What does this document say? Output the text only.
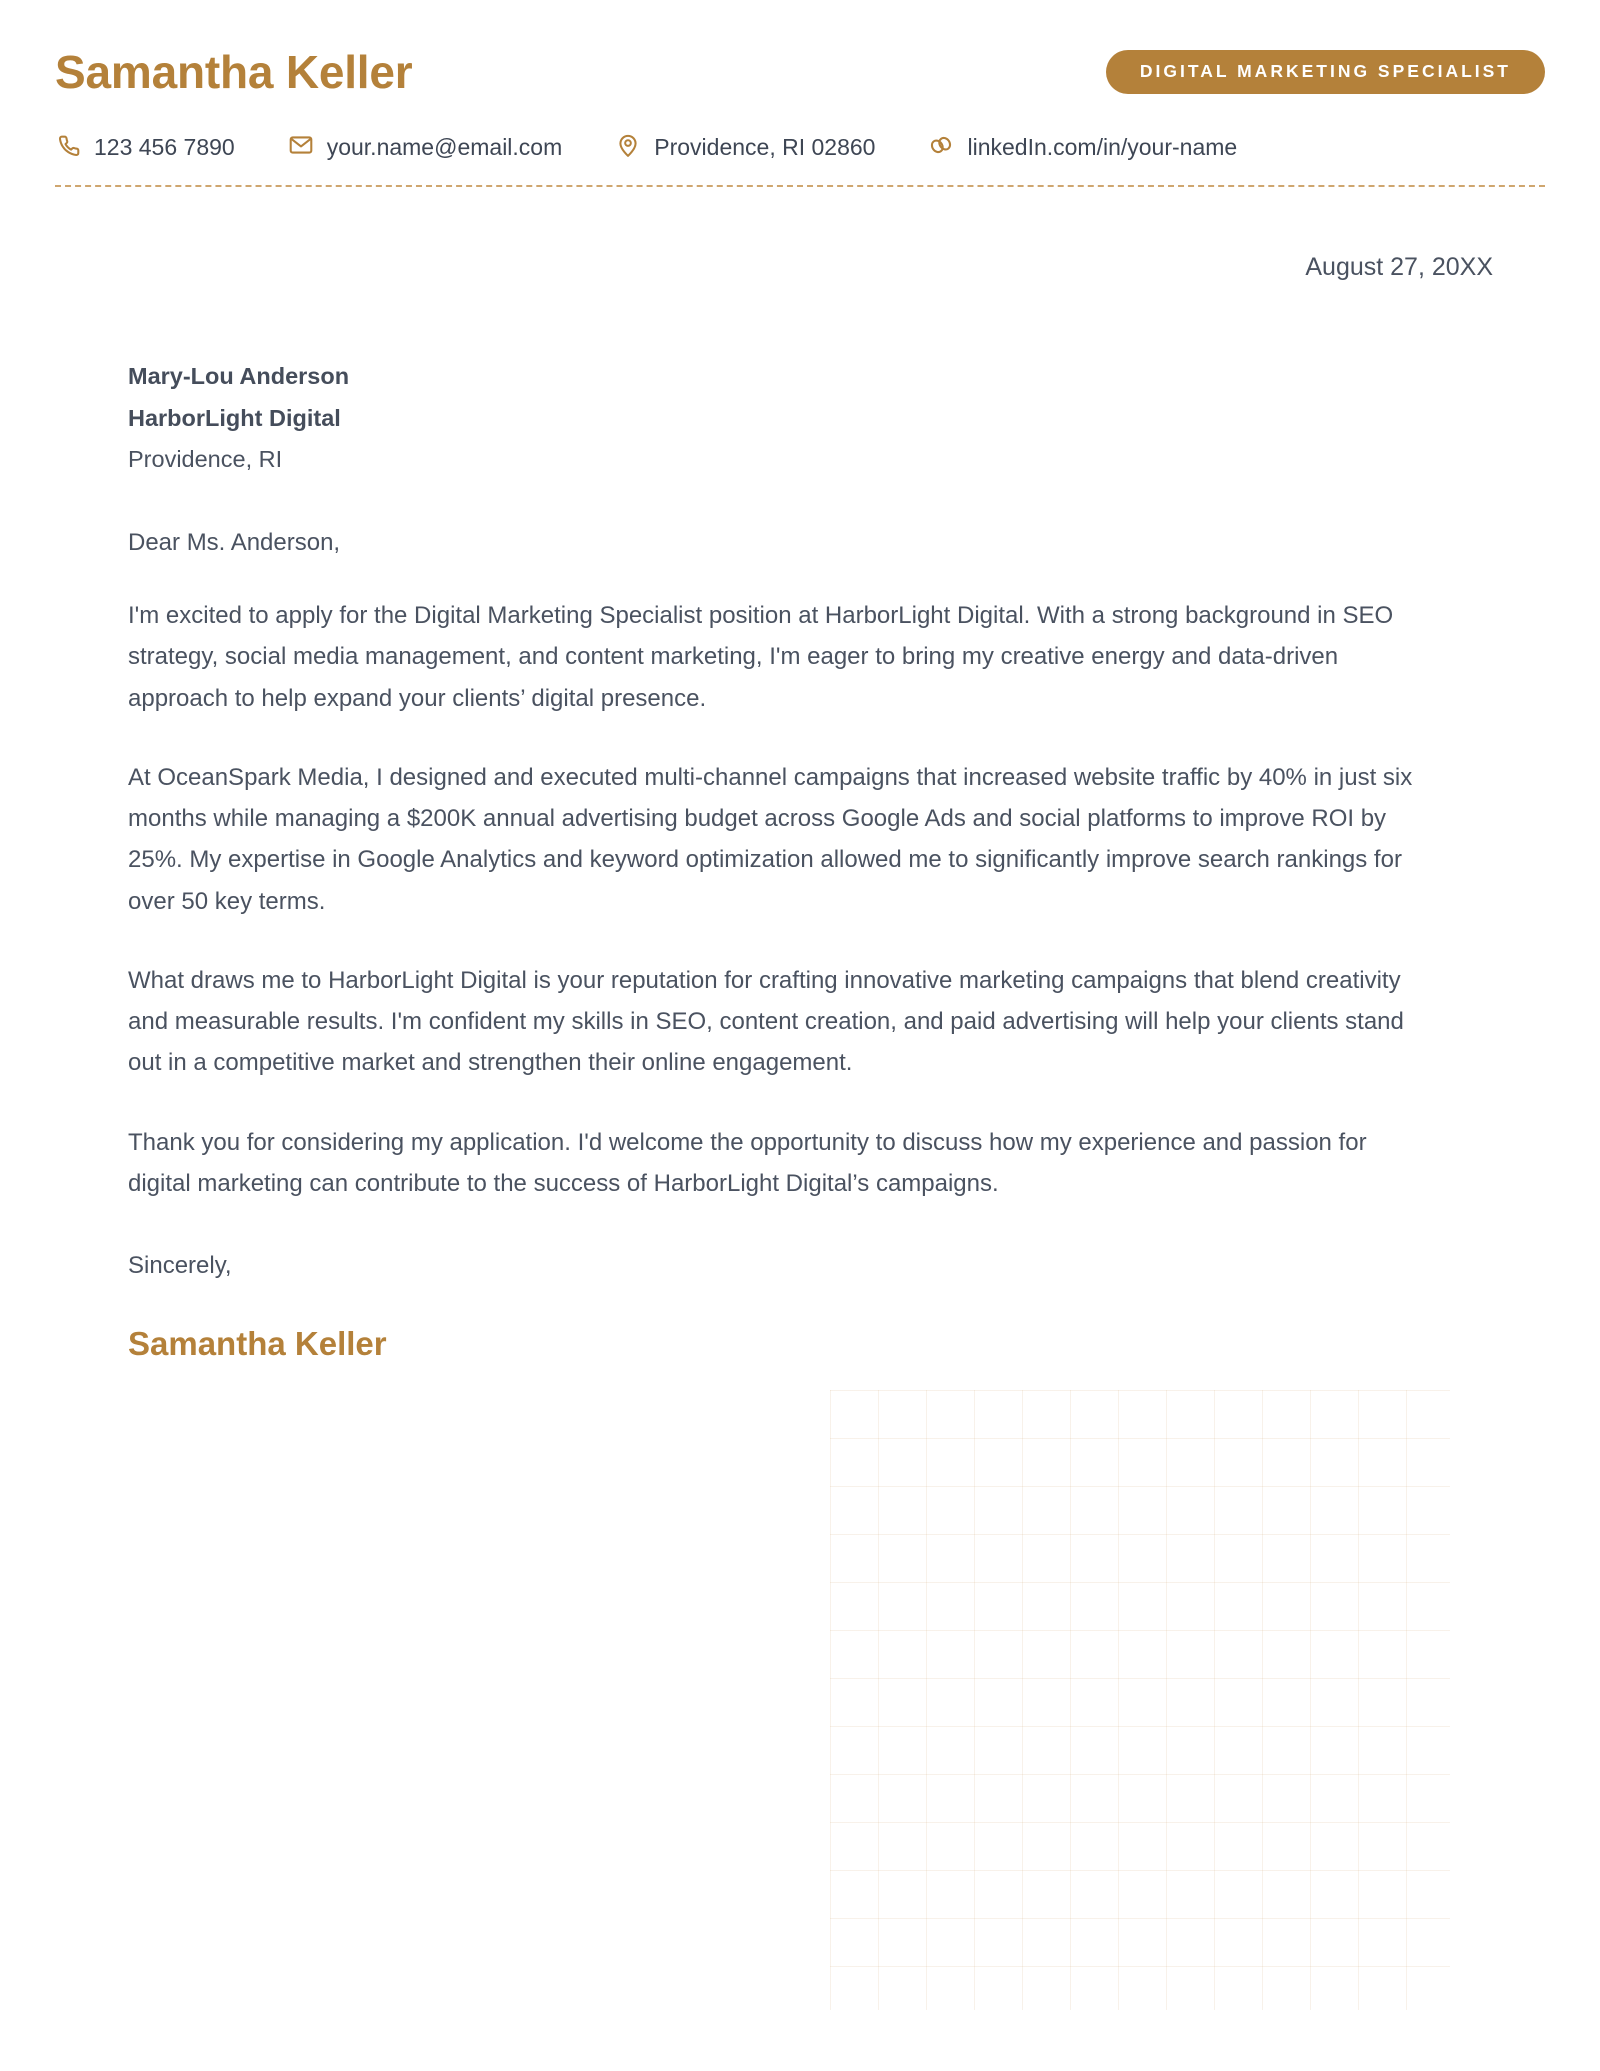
Samantha Keller	DIGITAL MARKETING SPECIALIST
123 456 7890	your.name@email.com	Providence, RI 02860	linkedIn.com/in/your-name
August 27, 20XX
Mary-Lou Anderson
HarborLight Digital
Providence, RI
Dear Ms. Anderson,

I'm excited to apply for the Digital Marketing Specialist position at HarborLight Digital. With a strong background in SEO strategy, social media management, and content marketing, I'm eager to bring my creative energy and data-driven approach to help expand your clients’ digital presence.

At OceanSpark Media, I designed and executed multi-channel campaigns that increased website traffic by 40% in just six months while managing a $200K annual advertising budget across Google Ads and social platforms to improve ROI by 25%. My expertise in Google Analytics and keyword optimization allowed me to significantly improve search rankings for over 50 key terms.

What draws me to HarborLight Digital is your reputation for crafting innovative marketing campaigns that blend creativity and measurable results. I'm confident my skills in SEO, content creation, and paid advertising will help your clients stand out in a competitive market and strengthen their online engagement.

Thank you for considering my application. I'd welcome the opportunity to discuss how my experience and passion for digital marketing can contribute to the success of HarborLight Digital’s campaigns.

Sincerely,
Samantha Keller
